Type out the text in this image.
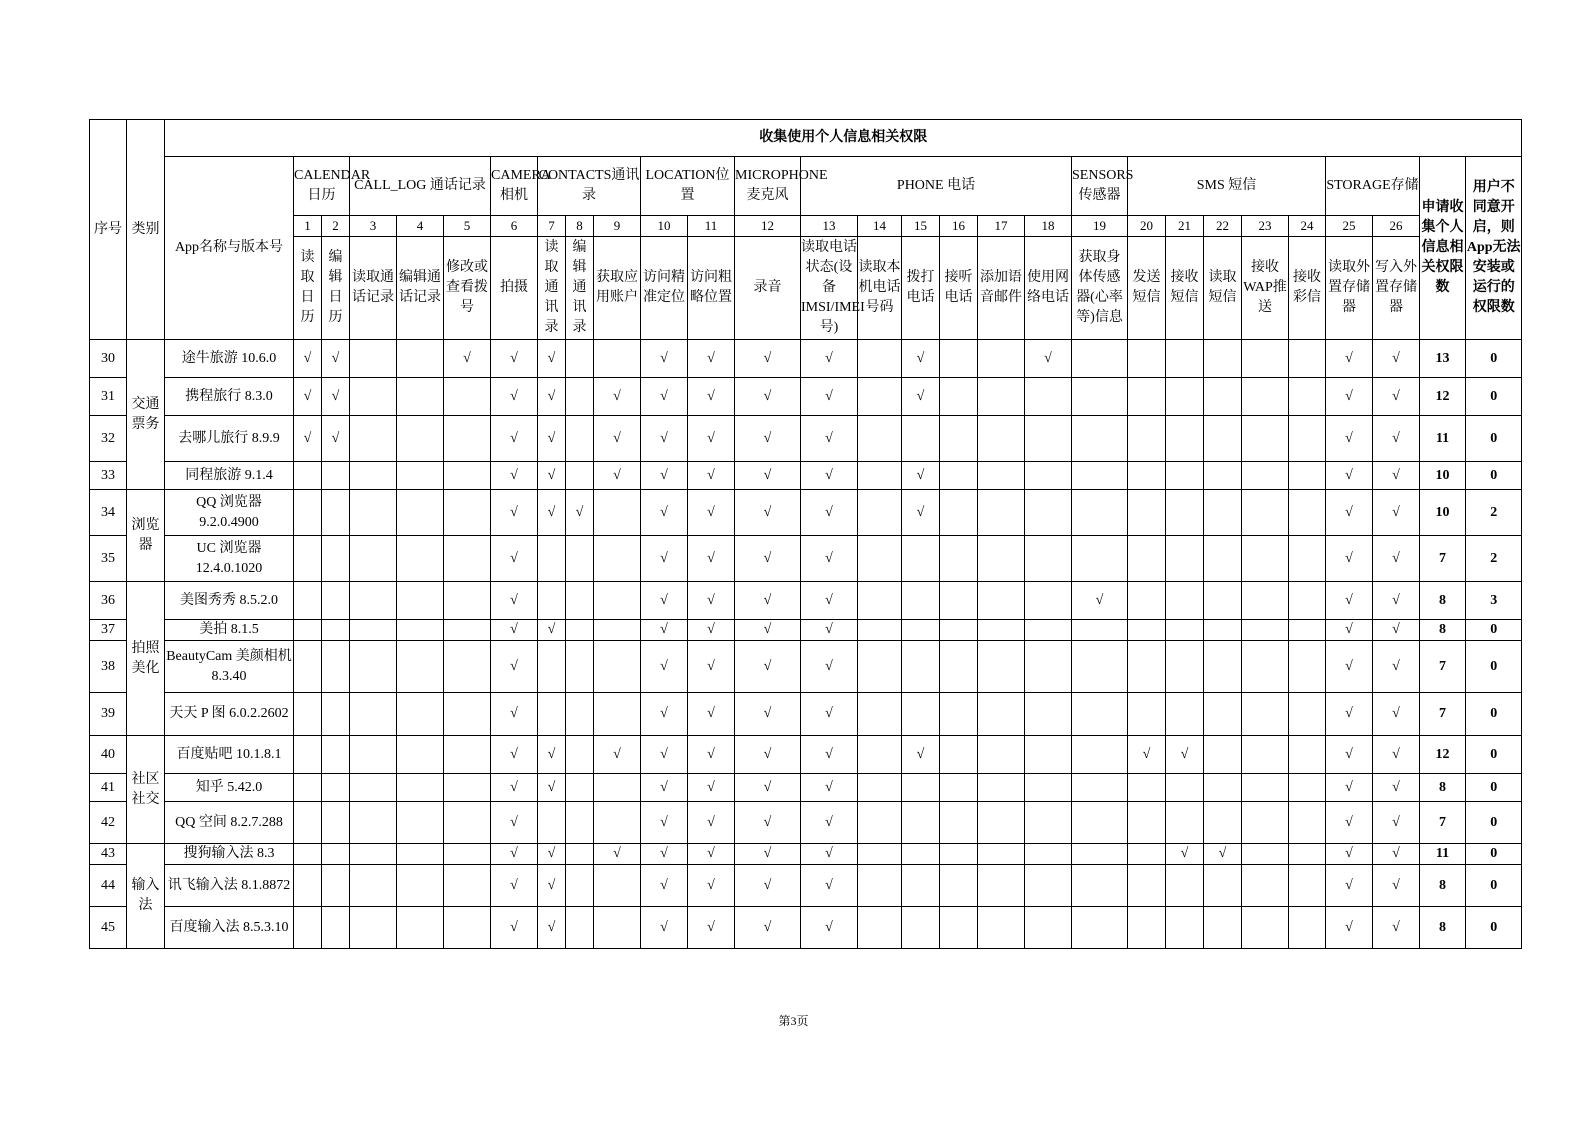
序号	类别	收集使用个人信息相关权限																												
		App名称与版本号	CALENDAR日历		CALL_LOG 通话记录			CAMERA相机	CONTACTS通讯录			LOCATION位置		MICROPHONE麦克风	PHONE 电话						SENSORS传感器	SMS 短信					STORAGE存储		申请收集个人信息相关权限数	用户不同意开启，则App无法安装或运行的权限数
			1	2	3	4	5	6	7	8	9	10	11	12	13	14	15	16	17	18	19	20	21	22	23	24	25	26		
			读取日历	编辑日历	读取通话记录	编辑通话记录	修改或查看拨号	拍摄	读取通讯录	编辑通讯录	获取应用账户	访问精准定位	访问粗略位置	录音	读取电话状态(设备IMSI/IMEI号)	读取本机电话号码	拨打电话	接听电话	添加语音邮件	使用网络电话	获取身体传感器(心率等)信息	发送短信	接收短信	读取短信	接收WAP推送	接收彩信	读取外置存储器	写入外置存储器		
30	交通票务	途牛旅游 10.6.0	√	√			√	√	√			√	√	√	√		√			√							√	√	13	0
31		携程旅行 8.3.0	√	√				√	√		√	√	√	√	√		√										√	√	12	0
32		去哪儿旅行 8.9.9	√	√				√	√		√	√	√	√	√												√	√	11	0
33		同程旅游 9.1.4						√	√		√	√	√	√	√		√										√	√	10	0
34	浏览器	QQ 浏览器 9.2.0.4900						√	√	√		√	√	√	√		√										√	√	10	2
35		UC 浏览器 12.4.0.1020						√				√	√	√	√												√	√	7	2
36	拍照美化	美图秀秀 8.5.2.0						√				√	√	√	√						√						√	√	8	3
37		美拍 8.1.5						√	√			√	√	√	√												√	√	8	0
38		BeautyCam 美颜相机 8.3.40						√				√	√	√	√												√	√	7	0
39		天天 P 图 6.0.2.2602						√				√	√	√	√												√	√	7	0
40	社区社交	百度贴吧 10.1.8.1						√	√		√	√	√	√	√		√					√	√				√	√	12	0
41		知乎 5.42.0						√	√			√	√	√	√												√	√	8	0
42		QQ 空间 8.2.7.288						√				√	√	√	√												√	√	7	0
43	输入法	搜狗输入法 8.3						√	√		√	√	√	√	√								√	√			√	√	11	0
44		讯飞输入法 8.1.8872						√	√			√	√	√	√												√	√	8	0
45		百度输入法 8.5.3.10						√	√			√	√	√	√												√	√	8	0
第3页
